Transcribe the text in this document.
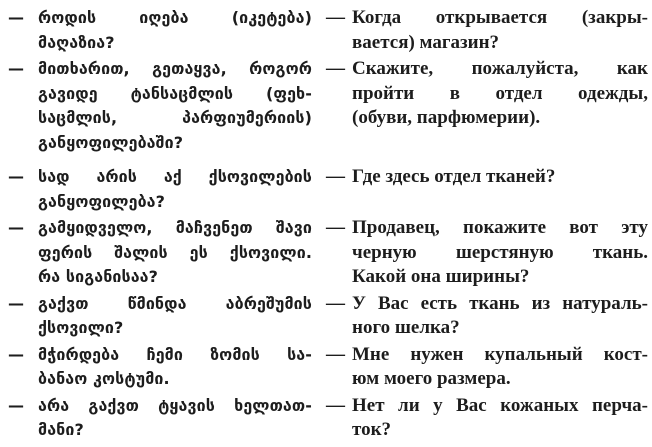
— როდის იღება (იკეტება)
მაღაზია?
— Когда открывается (закры-
вается) магазин?
— მითხარით, გეთაყვა, როგორ
გავიდე ტანსაცმლის (ფეხ-
საცმლის, პარფიუმერიის)
განყოფილებაში?
— Скажите, пожалуйста, как
пройти в отдел одежды,
(обуви, парфюмерии).
— სად არის აქ ქსოვილების
განყოფილება?
— Где здесь отдел тканей?
— გამყიდველო, მაჩვენეთ შავი
ფერის შალის ეს ქსოვილი.
რა სიგანისაა?
— Продавец, покажите вот эту
черную шерстяную ткань.
Какой она ширины?
— გაქვთ წმინდა აბრეშუმის
ქსოვილი?
— У Вас есть ткань из натураль-
ного шелка?
— მჭირდება ჩემი ზომის სა-
ბანაო კოსტუმი.
— Мне нужен купальный кост-
юм моего размера.
— არა გაქვთ ტყავის ხელთათ-
მანი?
— Нет ли у Вас кожаных перча-
ток?
